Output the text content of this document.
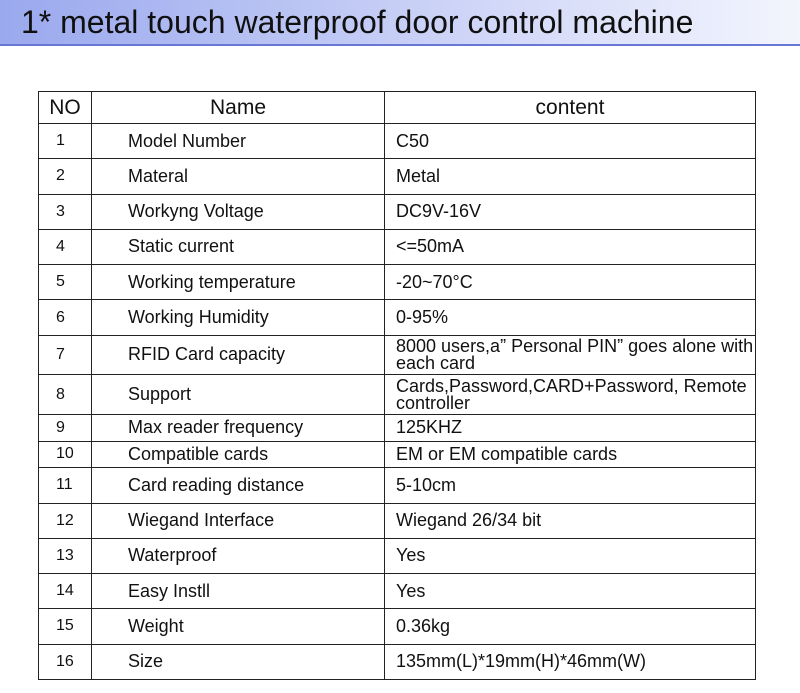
1* metal touch waterproof door control machine
NO	Name	content
1	Model Number	C50
2	Materal	Metal
3	Workyng Voltage	DC9V-16V
4	Static current	<=50mA
5	Working temperature	-20~70°C
6	Working Humidity	0-95%
7	RFID Card capacity	8000 users,a” Personal PIN” goes alone with each card
8	Support	Cards,Password,CARD+Password, Remote controller
9	Max reader frequency	125KHZ
10	Compatible cards	EM or EM compatible cards
11	Card reading distance	5-10cm
12	Wiegand Interface	Wiegand 26/34 bit
13	Waterproof	Yes
14	Easy Instll	Yes
15	Weight	0.36kg
16	Size	135mm(L)*19mm(H)*46mm(W)
